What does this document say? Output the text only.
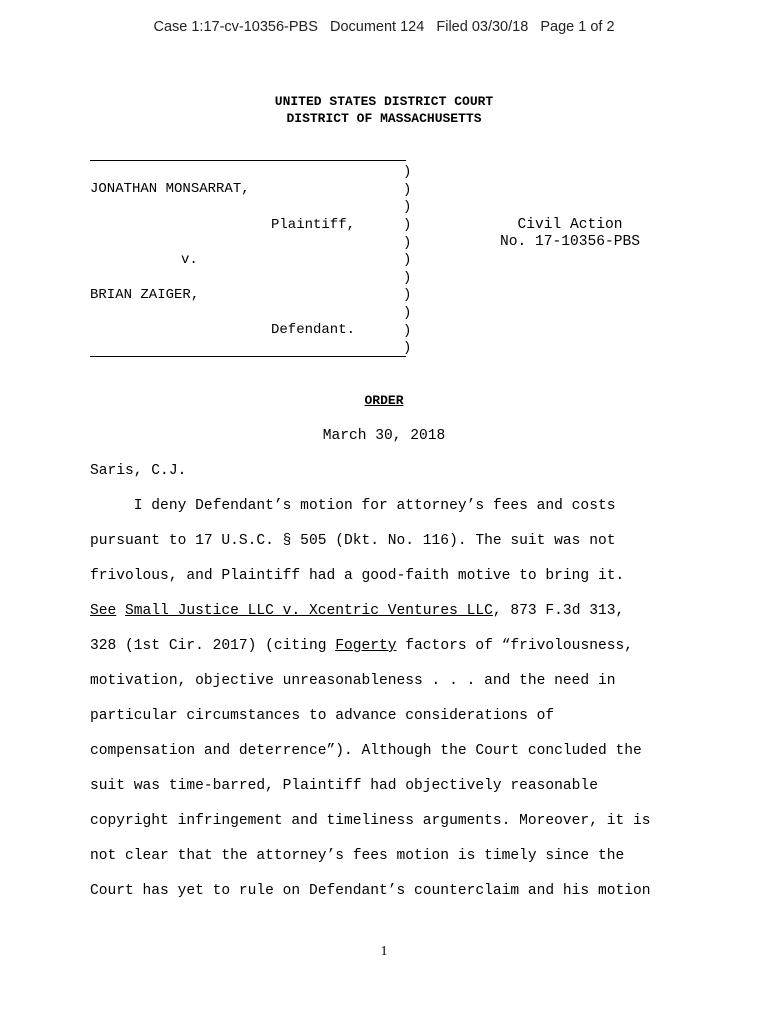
Case 1:17-cv-10356-PBS   Document 124   Filed 03/30/18   Page 1 of 2
UNITED STATES DISTRICT COURT
DISTRICT OF MASSACHUSETTS
)
)
)
)
)
)
)
)
)
)
)
JONATHAN MONSARRAT,
Plaintiff,
v.
BRIAN ZAIGER,
Defendant.
Civil Action
No. 17-10356-PBS
ORDER
March 30, 2018
Saris, C.J.
I deny Defendant’s motion for attorney’s fees and costs
pursuant to 17 U.S.C. § 505 (Dkt. No. 116). The suit was not
frivolous, and Plaintiff had a good-faith motive to bring it.
See Small Justice LLC v. Xcentric Ventures LLC, 873 F.3d 313,
328 (1st Cir. 2017) (citing Fogerty factors of “frivolousness,
motivation, objective unreasonableness . . . and the need in
particular circumstances to advance considerations of
compensation and deterrence”). Although the Court concluded the
suit was time-barred, Plaintiff had objectively reasonable
copyright infringement and timeliness arguments. Moreover, it is
not clear that the attorney’s fees motion is timely since the
Court has yet to rule on Defendant’s counterclaim and his motion
1
